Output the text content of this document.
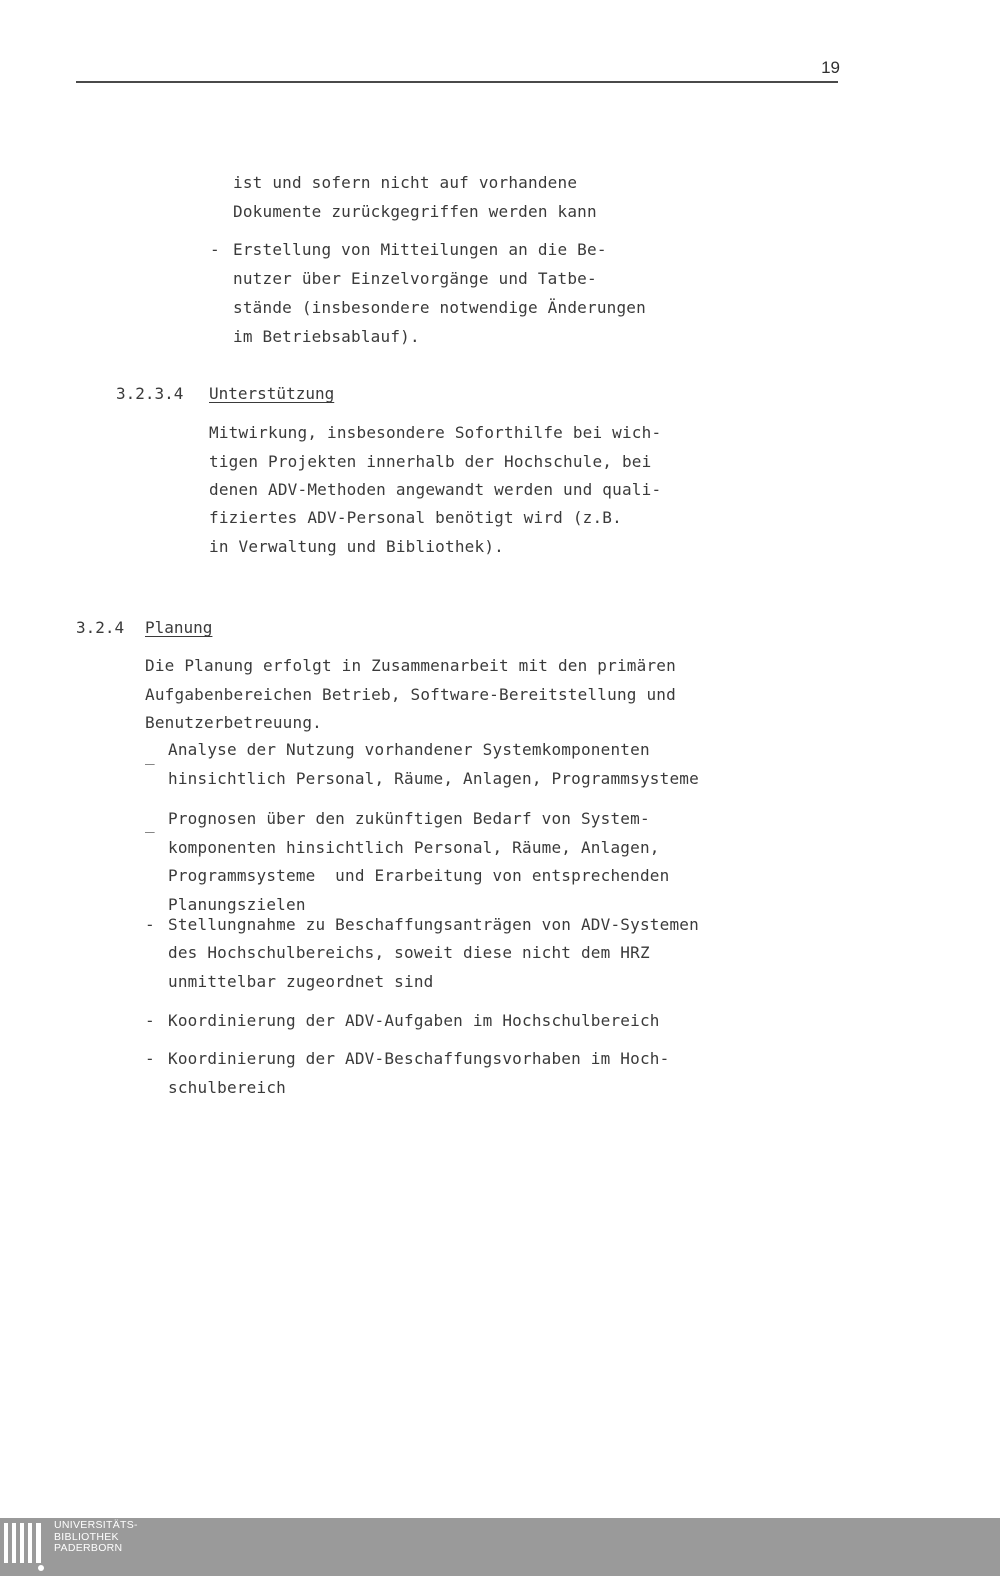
19
ist und sofern nicht auf vorhandene
Dokumente zurückgegriffen werden kann
- Erstellung von Mitteilungen an die Be-
nutzer über Einzelvorgänge und Tatbe-
stände (insbesondere notwendige Änderungen
im Betriebsablauf).
3.2.3.4 Unterstützung
Mitwirkung, insbesondere Soforthilfe bei wich-
tigen Projekten innerhalb der Hochschule, bei
denen ADV-Methoden angewandt werden und quali-
fiziertes ADV-Personal benötigt wird (z.B.
in Verwaltung und Bibliothek).
3.2.4 Planung
Die Planung erfolgt in Zusammenarbeit mit den primären
Aufgabenbereichen Betrieb, Software-Bereitstellung und
Benutzerbetreuung.
_ Analyse der Nutzung vorhandener Systemkomponenten
hinsichtlich Personal, Räume, Anlagen, Programmsysteme
_ Prognosen über den zukünftigen Bedarf von System-
komponenten hinsichtlich Personal, Räume, Anlagen,
Programmsysteme  und Erarbeitung von entsprechenden
Planungszielen
- Stellungnahme zu Beschaffungsanträgen von ADV-Systemen
des Hochschulbereichs, soweit diese nicht dem HRZ
unmittelbar zugeordnet sind
- Koordinierung der ADV-Aufgaben im Hochschulbereich
- Koordinierung der ADV-Beschaffungsvorhaben im Hoch-
schulbereich
UNIVERSITÄTS-
BIBLIOTHEK
PADERBORN
